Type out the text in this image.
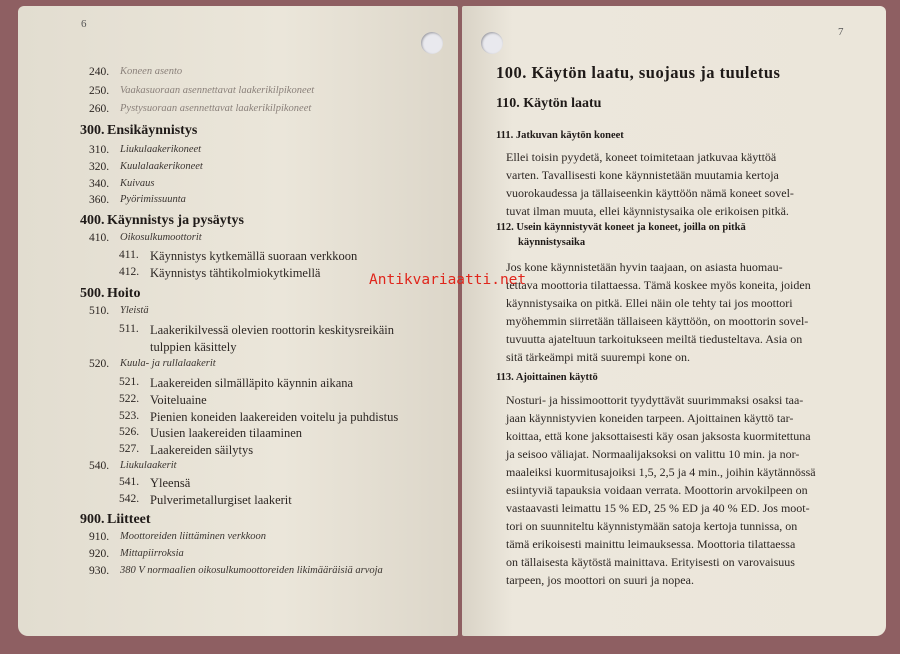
6
240. Koneen asento
250. Vaakasuoraan asennettavat laakerikilpikoneet
260. Pystysuoraan asennettavat laakerikilpikoneet
300. Ensikäynnistys
310. Liukulaakerikoneet
320. Kuulalaakerikoneet
340. Kuivaus
360. Pyörimissuunta
400. Käynnistys ja pysäytys
410. Oikosulkumoottorit
411. Käynnistys kytkemällä suoraan verkkoon
412. Käynnistys tähtikolmiokytkimellä
500. Hoito
510. Yleistä
511. Laakerikilvessä olevien roottorin keskitysreikäin
tulppien käsittely
520. Kuula- ja rullalaakerit
521. Laakereiden silmälläpito käynnin aikana
522. Voiteluaine
523. Pienien koneiden laakereiden voitelu ja puhdistus
526. Uusien laakereiden tilaaminen
527. Laakereiden säilytys
540. Liukulaakerit
541. Yleensä
542. Pulverimetallurgiset laakerit
900. Liitteet
910. Moottoreiden liittäminen verkkoon
920. Mittapiirroksia
930. 380 V normaalien oikosulkumoottoreiden likimääräisiä arvoja
7
100. Käytön laatu, suojaus ja tuuletus
110. Käytön laatu
111. Jatkuvan käytön koneet
Ellei toisin pyydetä, koneet toimitetaan jatkuvaa käyttöä
varten. Tavallisesti kone käynnistetään muutamia kertoja
vuorokaudessa ja tällaiseenkin käyttöön nämä koneet sovel-
tuvat ilman muuta, ellei käynnistysaika ole erikoisen pitkä.
112. Usein käynnistyvät koneet ja koneet, joilla on pitkä
käynnistysaika
Jos kone käynnistetään hyvin taajaan, on asiasta huomau-
tettava moottoria tilattaessa. Tämä koskee myös koneita, joiden
käynnistysaika on pitkä. Ellei näin ole tehty tai jos moottori
myöhemmin siirretään tällaiseen käyttöön, on moottorin sovel-
tuvuutta ajateltuun tarkoitukseen meiltä tiedusteltava. Asia on
sitä tärkeämpi mitä suurempi kone on.
113. Ajoittainen käyttö
Nosturi- ja hissimoottorit tyydyttävät suurimmaksi osaksi taa-
jaan käynnistyvien koneiden tarpeen. Ajoittainen käyttö tar-
koittaa, että kone jaksottaisesti käy osan jaksosta kuormitettuna
ja seisoo väliajat. Normaalijaksoksi on valittu 10 min. ja nor-
maaleiksi kuormitusajoiksi 1,5, 2,5 ja 4 min., joihin käytännössä
esiintyviä tapauksia voidaan verrata. Moottorin arvokilpeen on
vastaavasti leimattu 15 % ED, 25 % ED ja 40 % ED. Jos moot-
tori on suunniteltu käynnistymään satoja kertoja tunnissa, on
tämä erikoisesti mainittu leimauksessa. Moottoria tilattaessa
on tällaisesta käytöstä mainittava. Erityisesti on varovaisuus
tarpeen, jos moottori on suuri ja nopea.
Antikvariaatti.net
